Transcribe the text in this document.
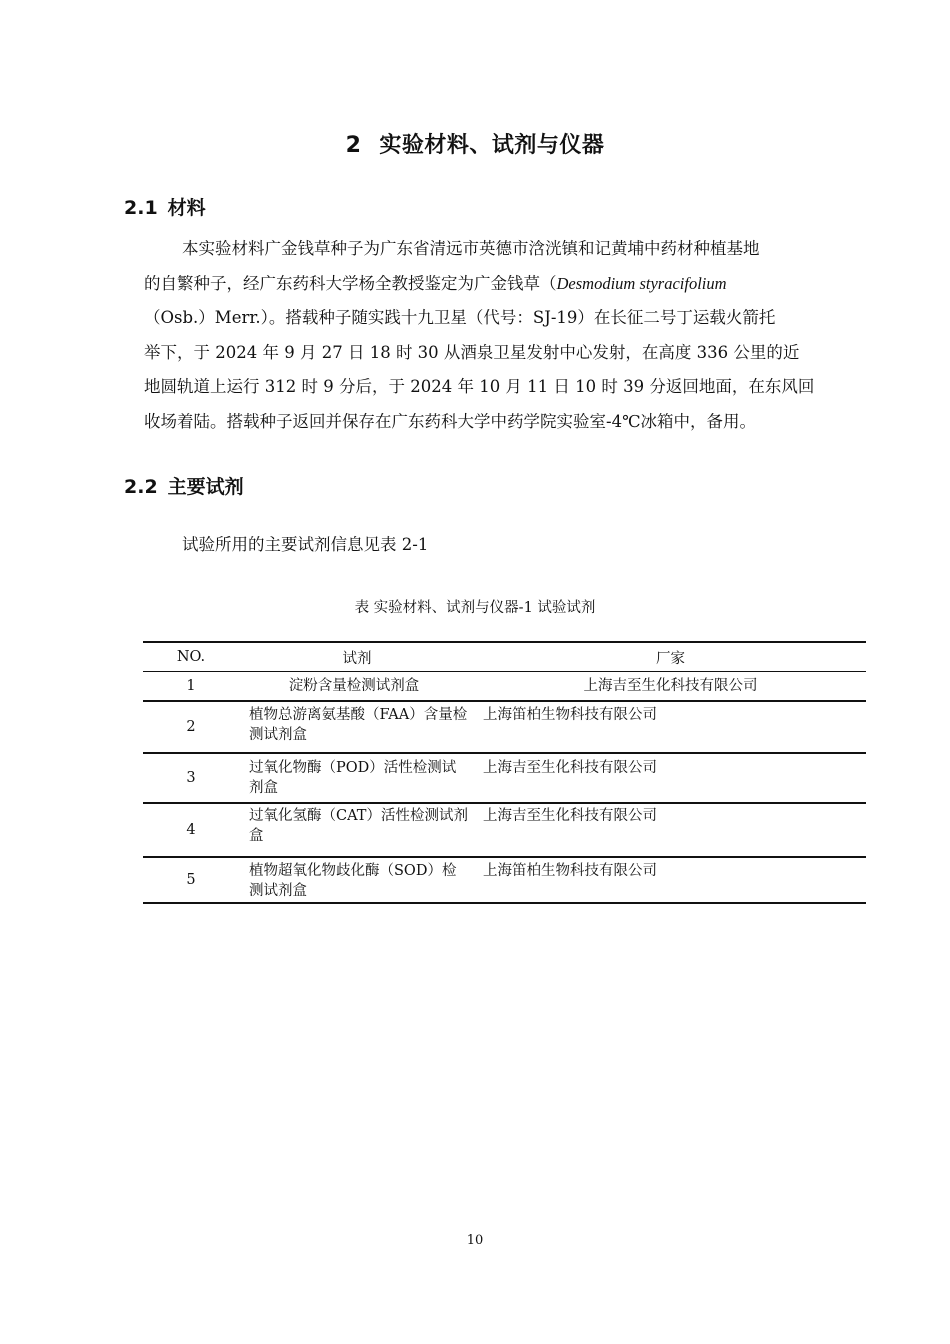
2 实验材料、试剂与仪器
2.1 材料
本实验材料广金钱草种子为广东省清远市英德市浛洸镇和记黄埔中药材种植基地
的自繁种子，经广东药科大学杨全教授鉴定为广金钱草（Desmodium styracifolium
（Osb.）Merr.）。搭载种子随实践十九卫星（代号：SJ-19）在长征二号丁运载火箭托
举下，于 2024 年 9 月 27 日 18 时 30 从酒泉卫星发射中心发射，在高度 336 公里的近
地圆轨道上运行 312 时 9 分后，于 2024 年 10 月 11 日 10 时 39 分返回地面，在东风回
收场着陆。搭载种子返回并保存在广东药科大学中药学院实验室-4℃冰箱中，备用。
2.2 主要试剂
试验所用的主要试剂信息见表 2-1
表 实验材料、试剂与仪器-1 试验试剂
NO.	试剂	厂家
1	淀粉含量检测试剂盒	上海吉至生化科技有限公司
2	植物总游离氨基酸（FAA）含量检测试剂盒	上海笛柏生物科技有限公司
3	过氧化物酶（POD）活性检测试剂盒	上海吉至生化科技有限公司
4	过氧化氢酶（CAT）活性检测试剂盒	上海吉至生化科技有限公司
5	植物超氧化物歧化酶（SOD）检测试剂盒	上海笛柏生物科技有限公司
10
